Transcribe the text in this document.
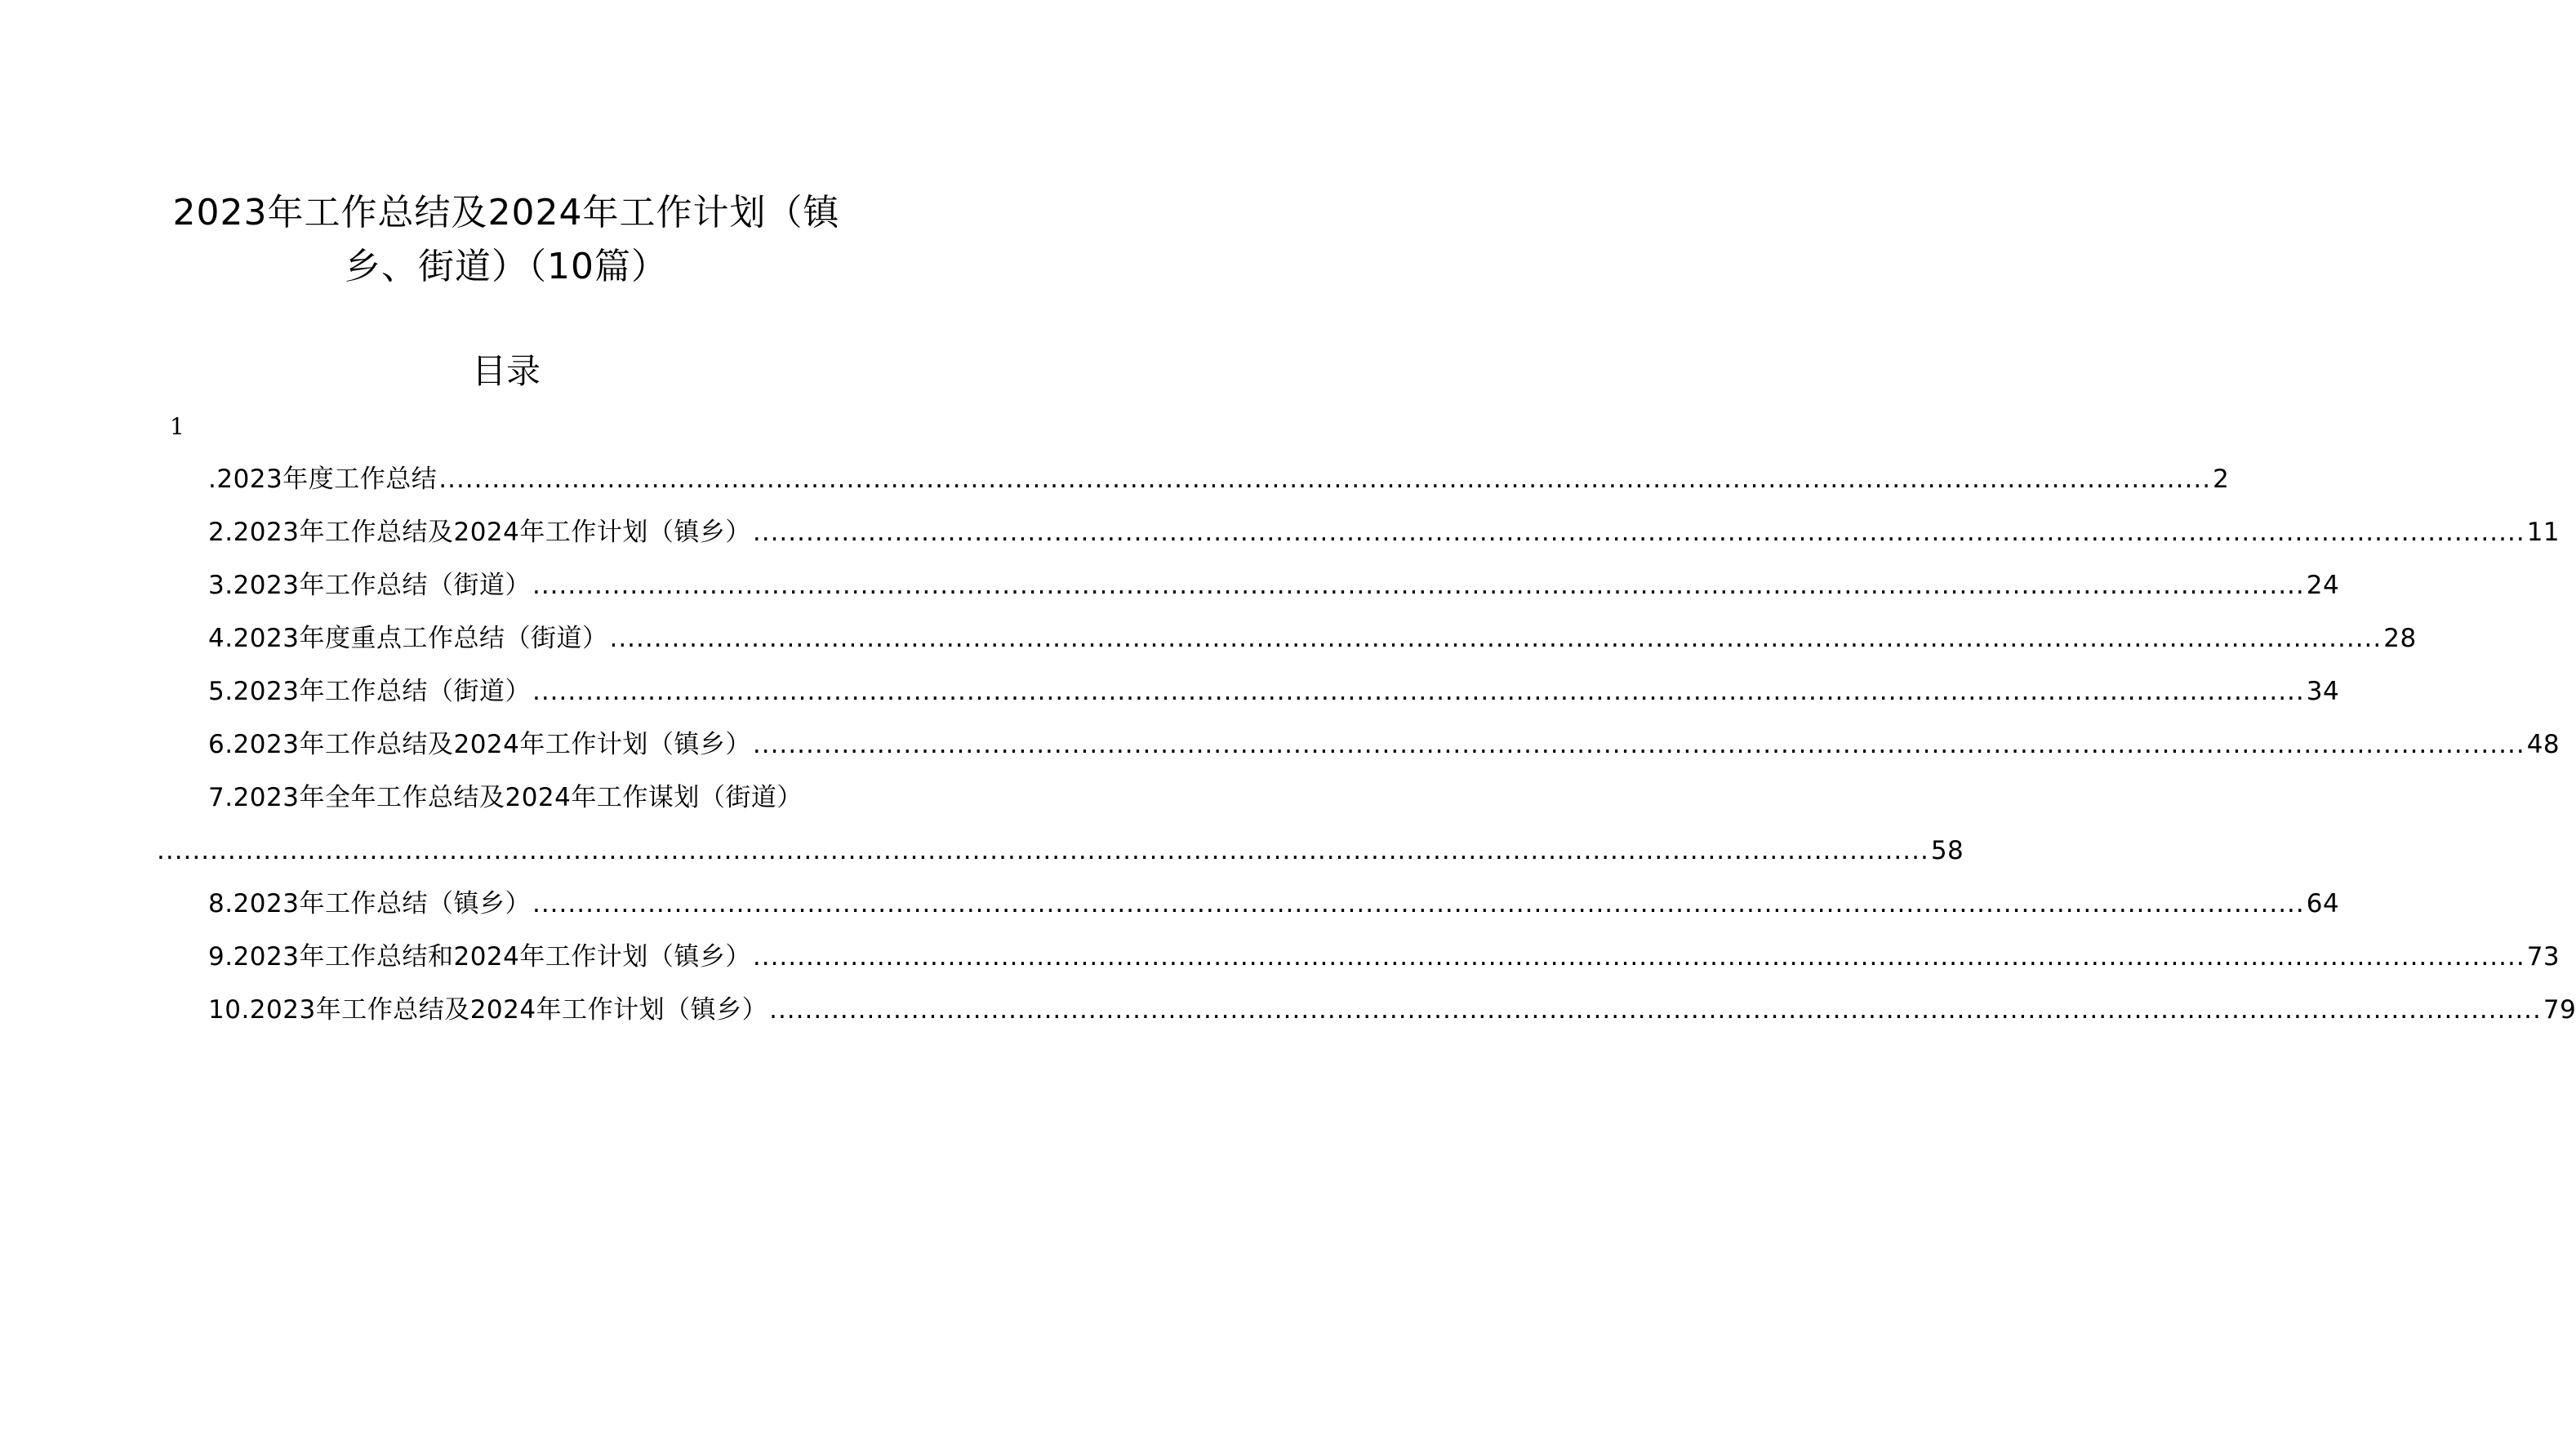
2023年工作总结及2024年工作计划（镇
乡、街道）（10篇）
目录
1
.2023年度工作总结 ........................................................................................................................................................................................................ 2
2.2023年工作总结及2024年工作计划（镇乡） ........................................................................................................................................................................................................ 11
3.2023年工作总结（街道） ........................................................................................................................................................................................................ 24
4.2023年度重点工作总结（街道） ........................................................................................................................................................................................................ 28
5.2023年工作总结（街道） ........................................................................................................................................................................................................ 34
6.2023年工作总结及2024年工作计划（镇乡） ........................................................................................................................................................................................................ 48
7.2023年全年工作总结及2024年工作谋划（街道）
........................................................................................................................................................................................................ 58
8.2023年工作总结（镇乡） ........................................................................................................................................................................................................ 64
9.2023年工作总结和2024年工作计划（镇乡） ........................................................................................................................................................................................................ 73
10.2023年工作总结及2024年工作计划（镇乡） ........................................................................................................................................................................................................ 79
